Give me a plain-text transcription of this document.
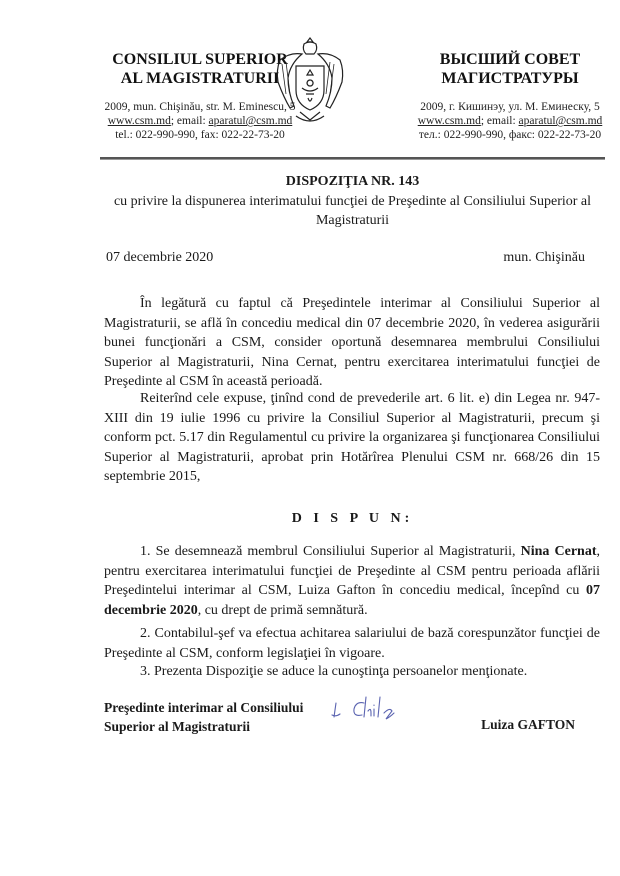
CONSILIUL SUPERIOR
AL MAGISTRATURII
2009, mun. Chişinău, str. M. Eminescu, 5
www.csm.md; email: aparatul@csm.md
tel.: 022-990-990, fax: 022-22-73-20
ВЫСШИЙ СОВЕТ
МАГИСТРАТУРЫ
2009, г. Кишинэу, ул. М. Еминеску, 5
www.csm.md; email: aparatul@csm.md
тел.: 022-990-990, факс: 022-22-73-20
DISPOZIŢIA NR. 143
cu privire la dispunerea interimatului funcţiei de Preşedinte al Consiliului Superior al Magistraturii
07 decembrie 2020	mun. Chişinău
În legătură cu faptul că Preşedintele interimar al Consiliului Superior al Magistraturii, se află în concediu medical din 07 decembrie 2020, în vederea asigurării bunei funcţionări a CSM, consider oportună desemnarea membrului Consiliului Superior al Magistraturii, Nina Cernat, pentru exercitarea interimatului funcţiei de Preşedinte al CSM în această perioadă.
Reiterînd cele expuse, ţinînd cond de prevederile art. 6 lit. e) din Legea nr. 947-XIII din 19 iulie 1996 cu privire la Consiliul Superior al Magistraturii, precum şi conform pct. 5.17 din Regulamentul cu privire la organizarea şi funcţionarea Consiliului Superior al Magistraturii, aprobat prin Hotărîrea Plenului CSM nr. 668/26 din 15 septembrie 2015,
D I S P U N:
1. Se desemnează membrul Consiliului Superior al Magistraturii, Nina Cernat, pentru exercitarea interimatului funcţiei de Preşedinte al CSM pentru perioada aflării Preşedintelui interimar al CSM, Luiza Gafton în concediu medical, începînd cu 07 decembrie 2020, cu drept de primă semnătură.
2. Contabilul-şef va efectua achitarea salariului de bază corespunzător funcţiei de Preşedinte al CSM, conform legislaţiei în vigoare.
3. Prezenta Dispoziţie se aduce la cunoştinţa persoanelor menţionate.
Preşedinte interimar al Consiliului
Superior al Magistraturii	Luiza GAFTON
